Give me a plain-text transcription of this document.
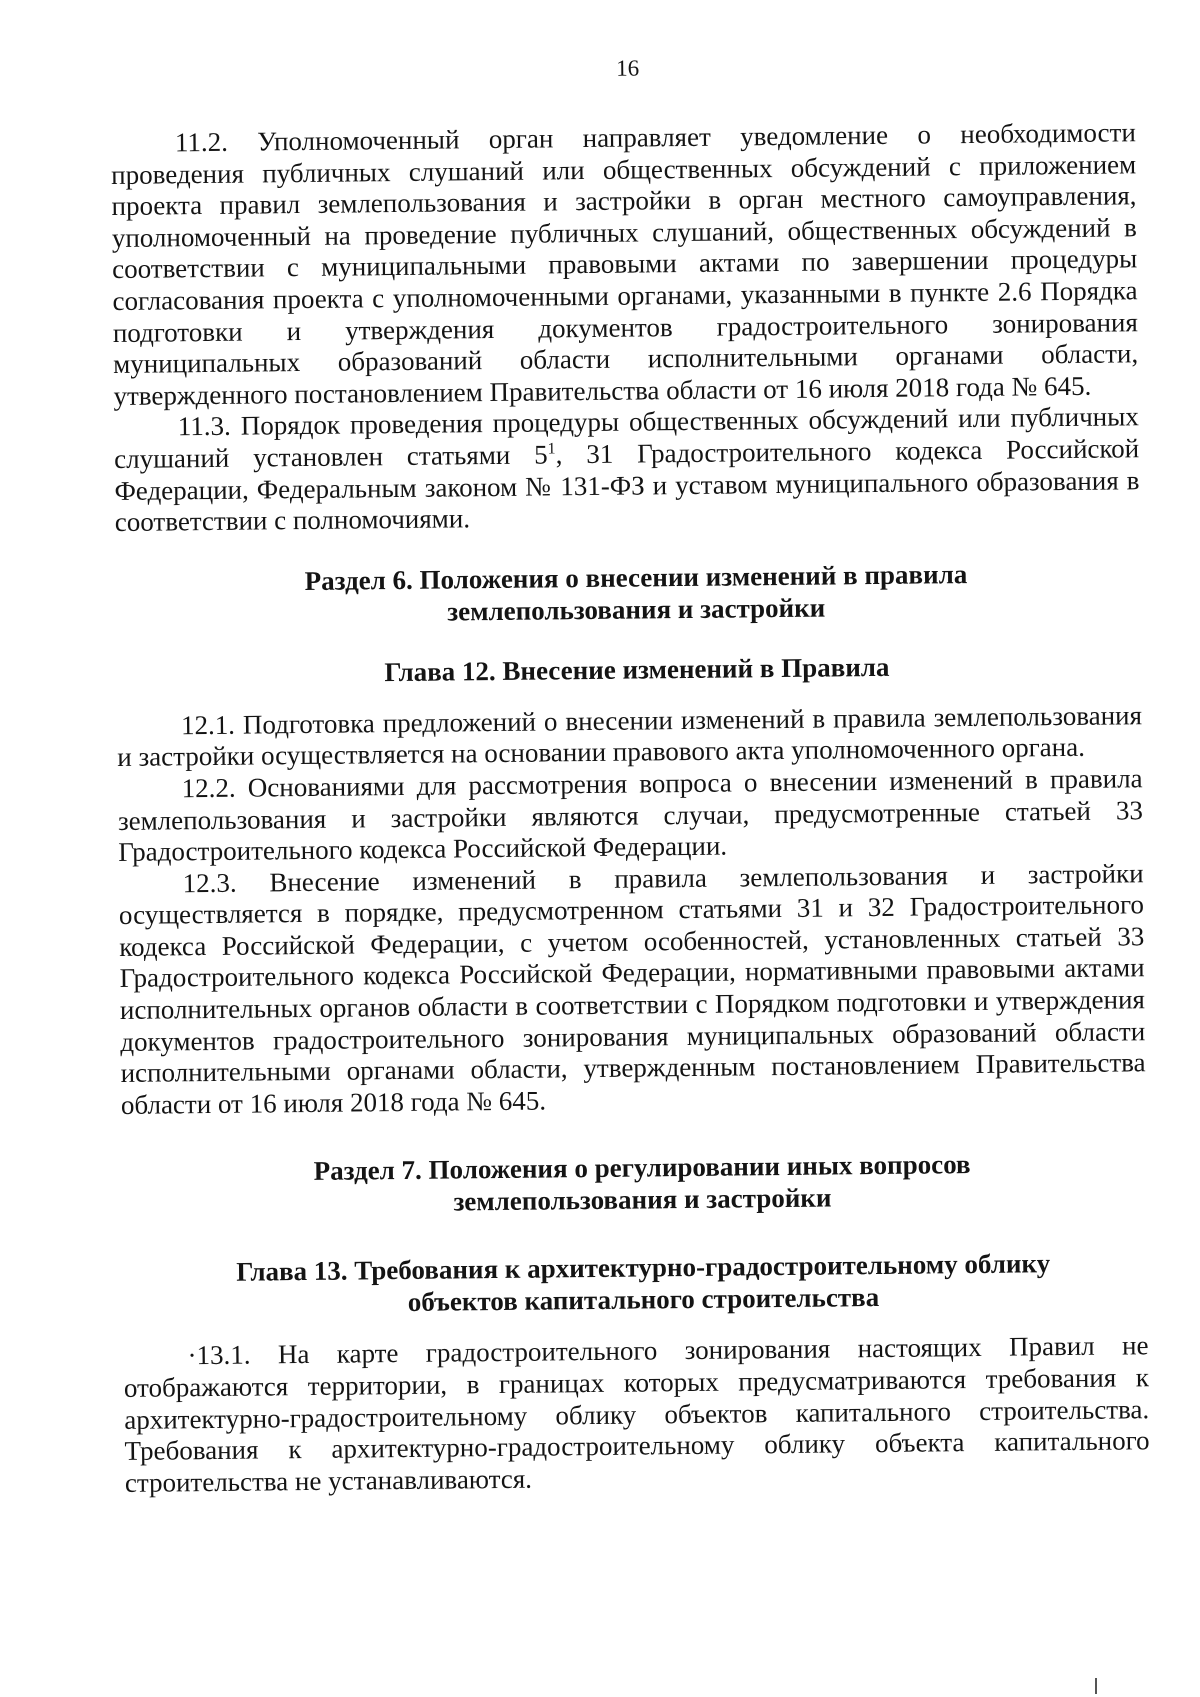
16

11.2. Уполномоченный орган направляет уведомление о необходимости проведения публичных слушаний или общественных обсуждений с приложением проекта правил землепользования и застройки в орган местного самоуправления, уполномоченный на проведение публичных слушаний, общественных обсуждений в соответствии с муниципальными правовыми актами по завершении процедуры согласования проекта с уполномоченными органами, указанными в пункте 2.6 Порядка подготовки и утверждения документов градостроительного зонирования муниципальных образований области исполнительными органами области, утвержденного постановлением Правительства области от 16 июля 2018 года № 645.

11.3. Порядок проведения процедуры общественных обсуждений или публичных слушаний установлен статьями $5^1$, 31 Градостроительного кодекса Российской Федерации, Федеральным законом № 131-ФЗ и уставом муниципального образования в соответствии с полномочиями.

Раздел 6. Положения о внесении изменений в правила
землепользования и застройки
Глава 12. Внесение изменений в Правила

12.1. Подготовка предложений о внесении изменений в правила землепользования и застройки осуществляется на основании правового акта уполномоченного органа.

12.2. Основаниями для рассмотрения вопроса о внесении изменений в правила землепользования и застройки являются случаи, предусмотренные статьей 33 Градостроительного кодекса Российской Федерации.

12.3. Внесение изменений в правила землепользования и застройки осуществляется в порядке, предусмотренном статьями 31 и 32 Градостроительного кодекса Российской Федерации, с учетом особенностей, установленных статьей 33 Градостроительного кодекса Российской Федерации, нормативными правовыми актами исполнительных органов области в соответствии с Порядком подготовки и утверждения документов градостроительного зонирования муниципальных образований области исполнительными органами области, утвержденным постановлением Правительства области от 16 июля 2018 года № 645.

Раздел 7. Положения о регулировании иных вопросов
землепользования и застройки
Глава 13. Требования к архитектурно-градостроительному облику
объектов капитального строительства

·13.1. На карте градостроительного зонирования настоящих Правил не отображаются территории, в границах которых предусматриваются требования к архитектурно-градостроительному облику объектов капитального строительства. Требования к архитектурно-градостроительному облику объекта капитального строительства не устанавливаются.
